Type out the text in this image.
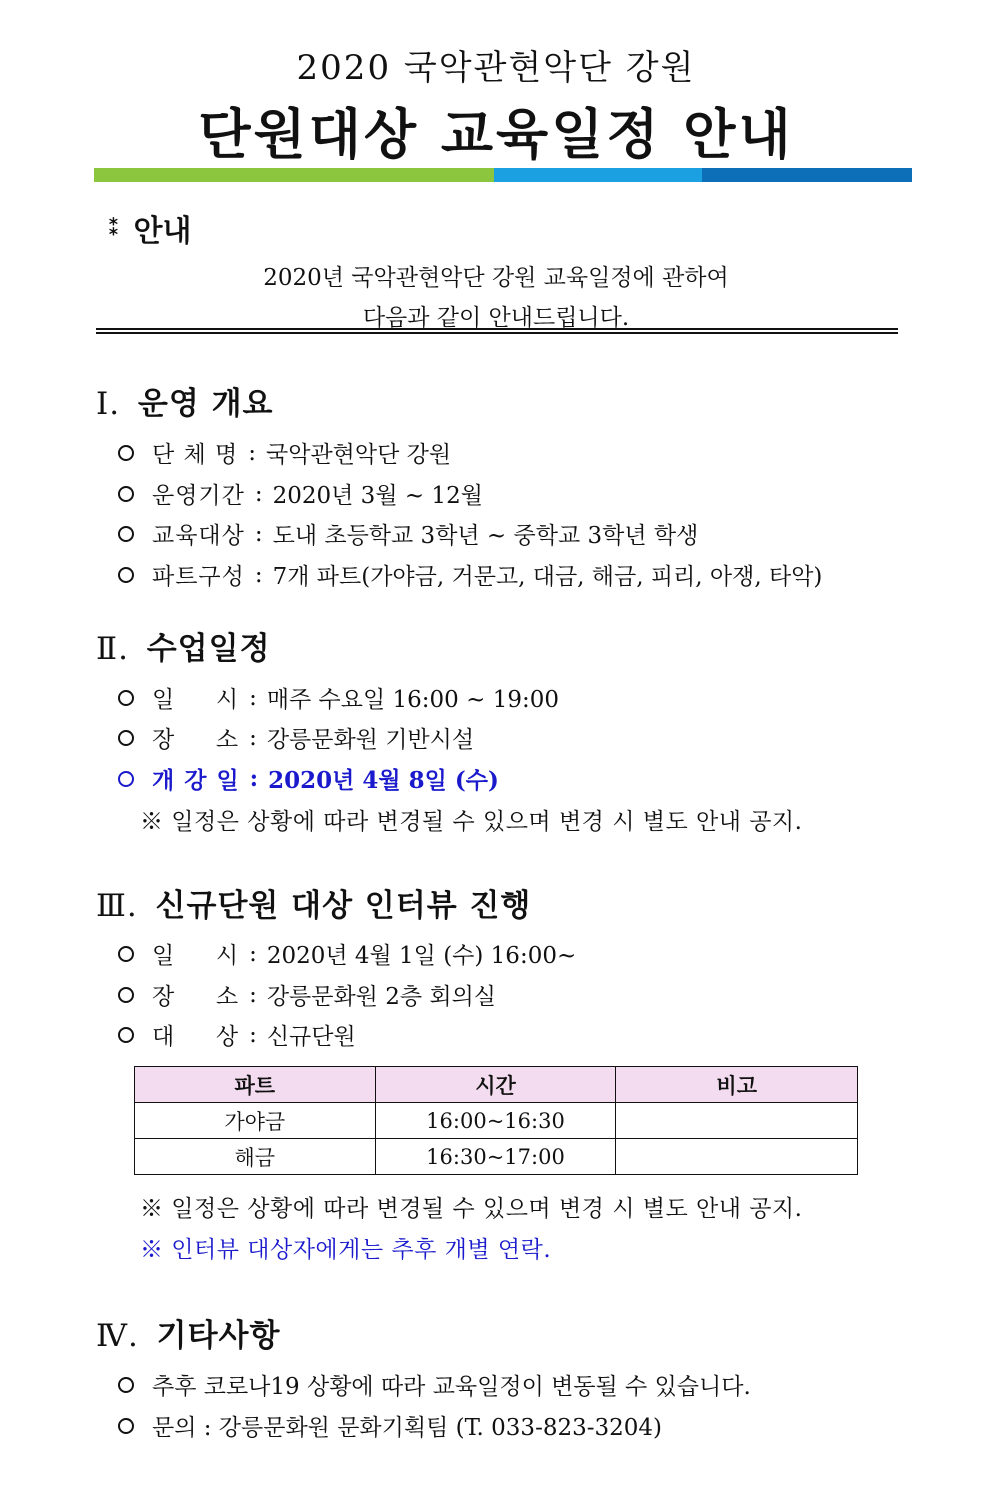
2020 국악관현악단 강원
단원대상 교육일정 안내
⁑ 안내
2020년 국악관현악단 강원 교육일정에 관하여
다음과 같이 안내드립니다.
Ⅰ. 운영 개요
단 체 명 : 국악관현악단 강원
운영기간 : 2020년 3월 ~ 12월
교육대상 : 도내 초등학교 3학년 ~ 중학교 3학년 학생
파트구성 : 7개 파트(가야금, 거문고, 대금, 해금, 피리, 아쟁, 타악)
Ⅱ. 수업일정
일 　 시 : 매주 수요일 16:00 ~ 19:00
장 　 소 : 강릉문화원 기반시설
개 강 일 : 2020년 4월 8일 (수)
※ 일정은 상황에 따라 변경될 수 있으며 변경 시 별도 안내 공지.
Ⅲ. 신규단원 대상 인터뷰 진행
일 　 시 : 2020년 4월 1일 (수) 16:00~
장 　 소 : 강릉문화원 2층 회의실
대 　 상 : 신규단원
파트	시간	비고
가야금	16:00~16:30	
해금	16:30~17:00	
※ 일정은 상황에 따라 변경될 수 있으며 변경 시 별도 안내 공지.
※ 인터뷰 대상자에게는 추후 개별 연락.
Ⅳ. 기타사항
추후 코로나19 상황에 따라 교육일정이 변동될 수 있습니다.
문의 : 강릉문화원 문화기획팀 (T. 033-823-3204)
